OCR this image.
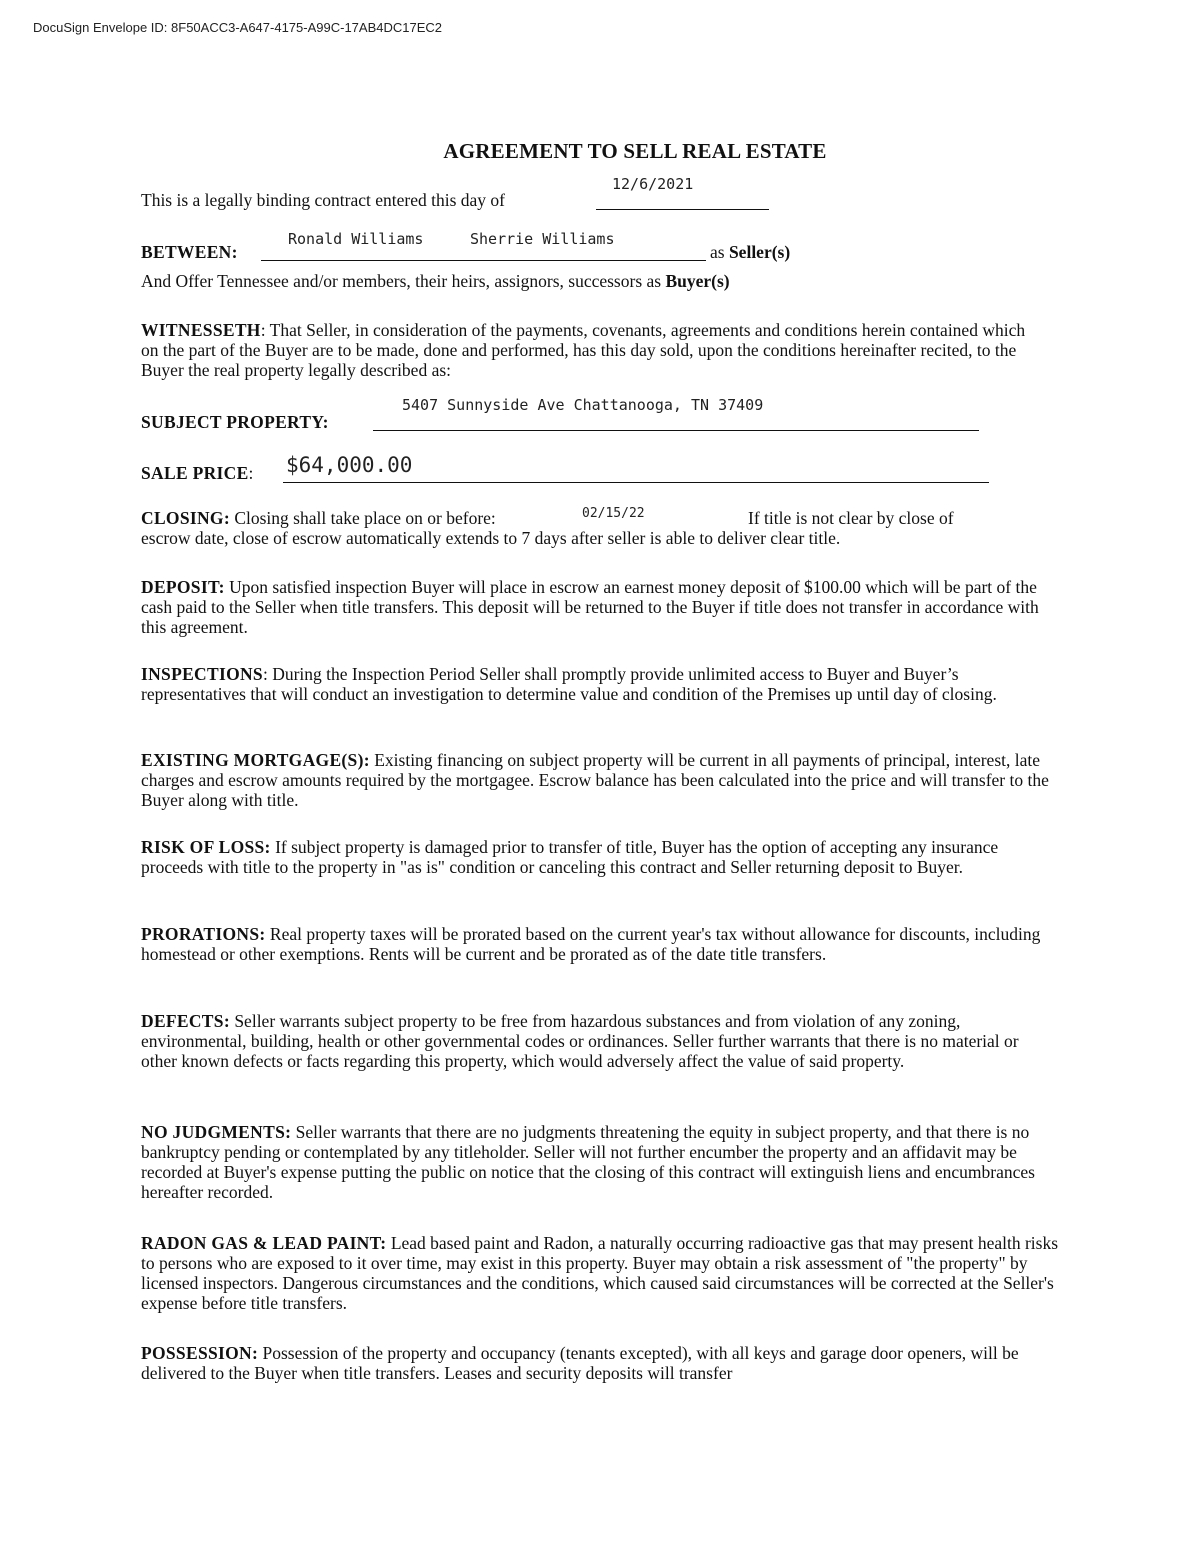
DocuSign Envelope ID: 8F50ACC3-A647-4175-A99C-17AB4DC17EC2
AGREEMENT TO SELL REAL ESTATE
This is a legally binding contract entered this day of
12/6/2021
BETWEEN:
Ronald Williams	Sherrie Williams
as Seller(s)
And Offer Tennessee and/or members, their heirs, assignors, successors as Buyer(s)
WITNESSETH: That Seller, in consideration of the payments, covenants, agreements and conditions herein contained which on the part of the Buyer are to be made, done and performed, has this day sold, upon the conditions hereinafter recited, to the Buyer the real property legally described as:
SUBJECT PROPERTY:
5407 Sunnyside Ave Chattanooga, TN 37409
SALE PRICE: $64,000.00
CLOSING: Closing shall take place on or before:	02/15/22	If title is not clear by close of
escrow date, close of escrow automatically extends to 7 days after seller is able to deliver clear title.
DEPOSIT: Upon satisfied inspection Buyer will place in escrow an earnest money deposit of $100.00 which will be part of the cash paid to the Seller when title transfers. This deposit will be returned to the Buyer if title does not transfer in accordance with this agreement.
INSPECTIONS: During the Inspection Period Seller shall promptly provide unlimited access to Buyer and Buyer’s representatives that will conduct an investigation to determine value and condition of the Premises up until day of closing.
EXISTING MORTGAGE(S): Existing financing on subject property will be current in all payments of principal, interest, late charges and escrow amounts required by the mortgagee. Escrow balance has been calculated into the price and will transfer to the Buyer along with title.
RISK OF LOSS: If subject property is damaged prior to transfer of title, Buyer has the option of accepting any insurance proceeds with title to the property in "as is" condition or canceling this contract and Seller returning deposit to Buyer.
PRORATIONS: Real property taxes will be prorated based on the current year's tax without allowance for discounts, including homestead or other exemptions. Rents will be current and be prorated as of the date title transfers.
DEFECTS: Seller warrants subject property to be free from hazardous substances and from violation of any zoning, environmental, building, health or other governmental codes or ordinances. Seller further warrants that there is no material or other known defects or facts regarding this property, which would adversely affect the value of said property.
NO JUDGMENTS: Seller warrants that there are no judgments threatening the equity in subject property, and that there is no bankruptcy pending or contemplated by any titleholder. Seller will not further encumber the property and an affidavit may be recorded at Buyer's expense putting the public on notice that the closing of this contract will extinguish liens and encumbrances hereafter recorded.
RADON GAS & LEAD PAINT: Lead based paint and Radon, a naturally occurring radioactive gas that may present health risks to persons who are exposed to it over time, may exist in this property. Buyer may obtain a risk assessment of "the property" by licensed inspectors. Dangerous circumstances and the conditions, which caused said circumstances will be corrected at the Seller's expense before title transfers.
POSSESSION: Possession of the property and occupancy (tenants excepted), with all keys and garage door openers, will be delivered to the Buyer when title transfers. Leases and security deposits will transfer
